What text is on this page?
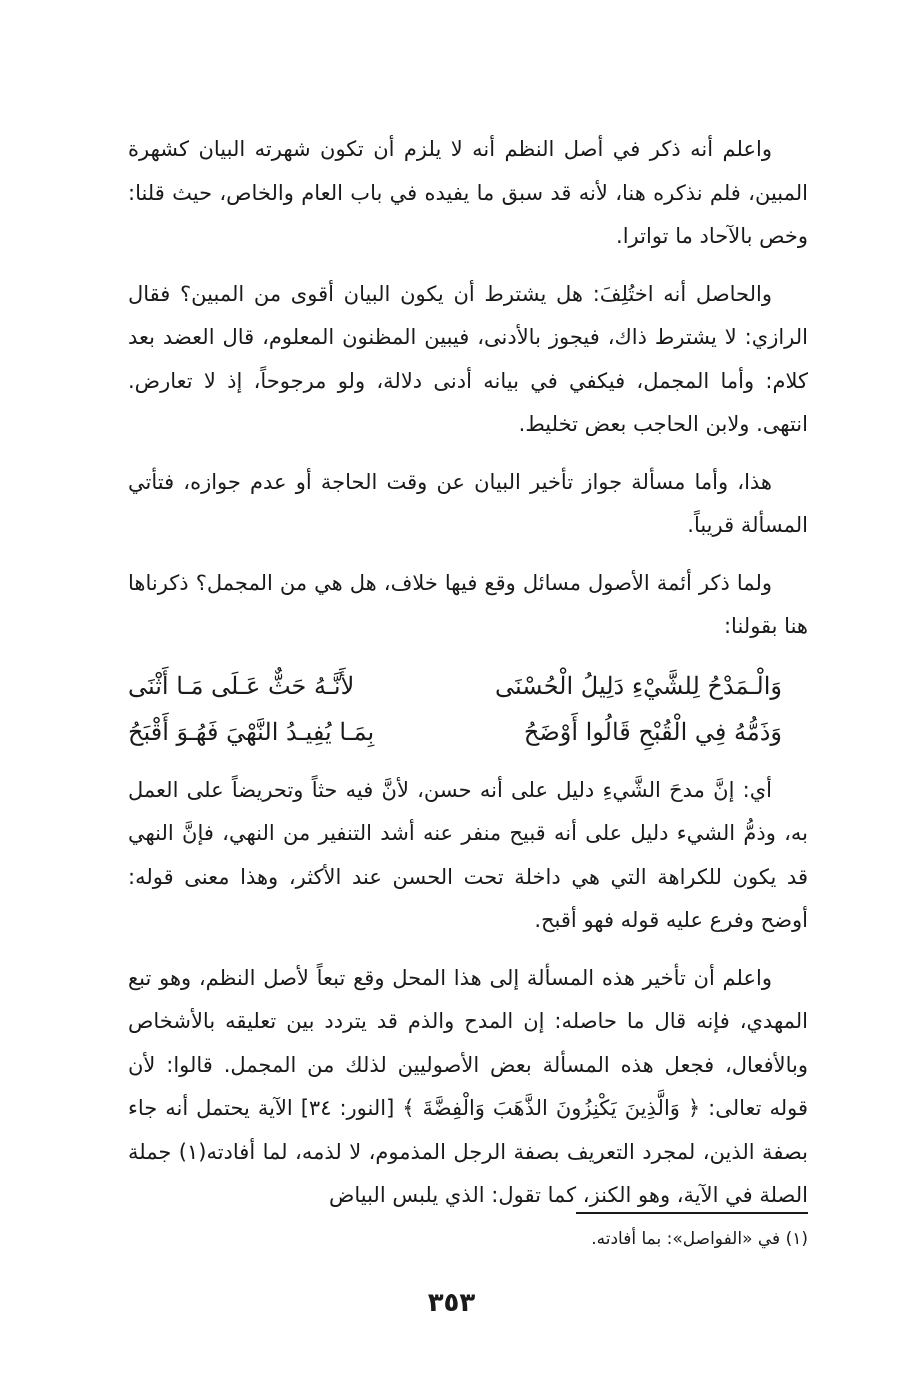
واعلم أنه ذكر في أصل النظم أنه لا يلزم أن تكون شهرته البيان كشهرة المبين، فلم نذكره هنا، لأنه قد سبق ما يفيده في باب العام والخاص، حيث قلنا: وخص بالآحاد ما تواترا.

والحاصل أنه اختُلِفَ: هل يشترط أن يكون البيان أقوى من المبين؟ فقال الرازي: لا يشترط ذاك، فيجوز بالأدنى، فيبين المظنون المعلوم، قال العضد بعد كلام: وأما المجمل، فيكفي في بيانه أدنى دلالة، ولو مرجوحاً، إذ لا تعارض. انتهى. ولابن الحاجب بعض تخليط.

هذا، وأما مسألة جواز تأخير البيان عن وقت الحاجة أو عدم جوازه، فتأتي المسألة قريباً.

ولما ذكر أئمة الأصول مسائل وقع فيها خلاف، هل هي من المجمل؟ ذكرناها هنا بقولنا:

وَالْـمَدْحُ لِلشَّيْءِ دَلِيلُ الْحُسْنَى
لأَنَّـهُ حَثٌّ عَـلَى مَـا أَثْنَى
وَذَمُّهُ فِي الْقُبْحِ قَالُوا أَوْضَحُ
بِمَـا يُفِيـدُ النَّهْيَ فَهُـوَ أَقْبَحُ

أي: إنَّ مدحَ الشَّيءِ دليل على أنه حسن، لأنَّ فيه حثاً وتحريضاً على العمل به، وذمُّ الشيء دليل على أنه قبيح منفر عنه أشد التنفير من النهي، فإنَّ النهي قد يكون للكراهة التي هي داخلة تحت الحسن عند الأكثر، وهذا معنى قوله: أوضح وفرع عليه قوله فهو أقبح.

واعلم أن تأخير هذه المسألة إلى هذا المحل وقع تبعاً لأصل النظم، وهو تبع المهدي، فإنه قال ما حاصله: إن المدح والذم قد يتردد بين تعليقه بالأشخاص وبالأفعال، فجعل هذه المسألة بعض الأصوليين لذلك من المجمل. قالوا: لأن قوله تعالى: ﴿ وَالَّذِينَ يَكْنِزُونَ الذَّهَبَ وَالْفِضَّةَ ﴾ [النور: ٣٤] الآية يحتمل أنه جاء بصفة الذين، لمجرد التعريف بصفة الرجل المذموم، لا لذمه، لما أفادته(١) جملة الصلة في الآية، وهو الكنز، كما تقول: الذي يلبس البياض

(١) في «الفواصل»: بما أفادته.
٣٥٣
